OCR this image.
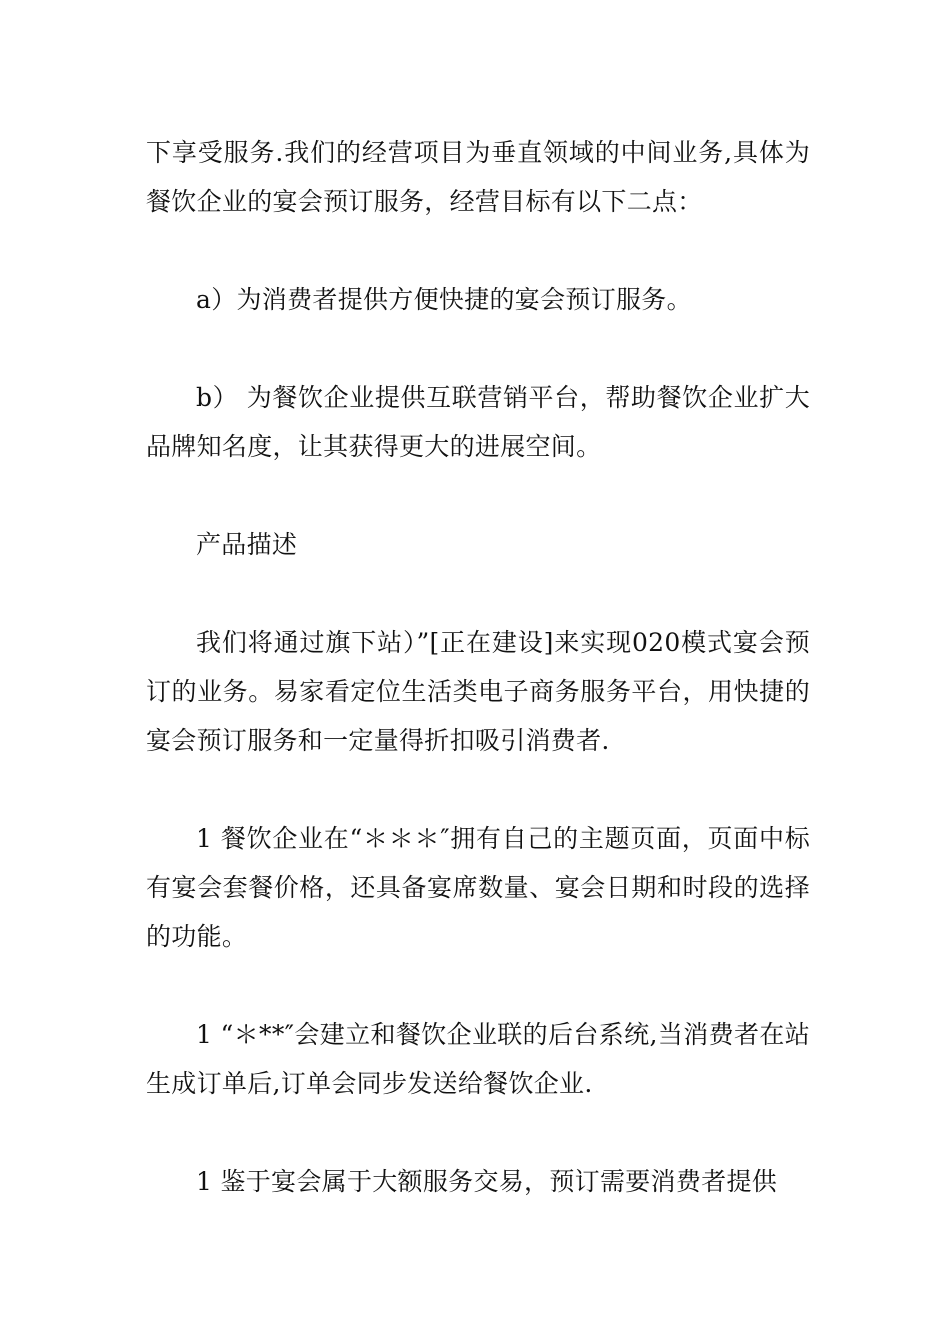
下享受服务.我们的经营项目为垂直领域的中间业务,具体为餐饮企业的宴会预订服务，经营目标有以下二点：

a）为消费者提供方便快捷的宴会预订服务。

b） 为餐饮企业提供互联营销平台，帮助餐饮企业扩大品牌知名度，让其获得更大的进展空间。

产品描述

我们将通过旗下站）”[正在建设]来实现020模式宴会预订的业务。易家看定位生活类电子商务服务平台，用快捷的宴会预订服务和一定量得折扣吸引消费者.

1 餐饮企业在“＊＊＊″拥有自己的主题页面，页面中标有宴会套餐价格，还具备宴席数量、宴会日期和时段的选择的功能。

1 “＊**″会建立和餐饮企业联的后台系统,当消费者在站生成订单后,订单会同步发送给餐饮企业.

1 鉴于宴会属于大额服务交易，预订需要消费者提供
